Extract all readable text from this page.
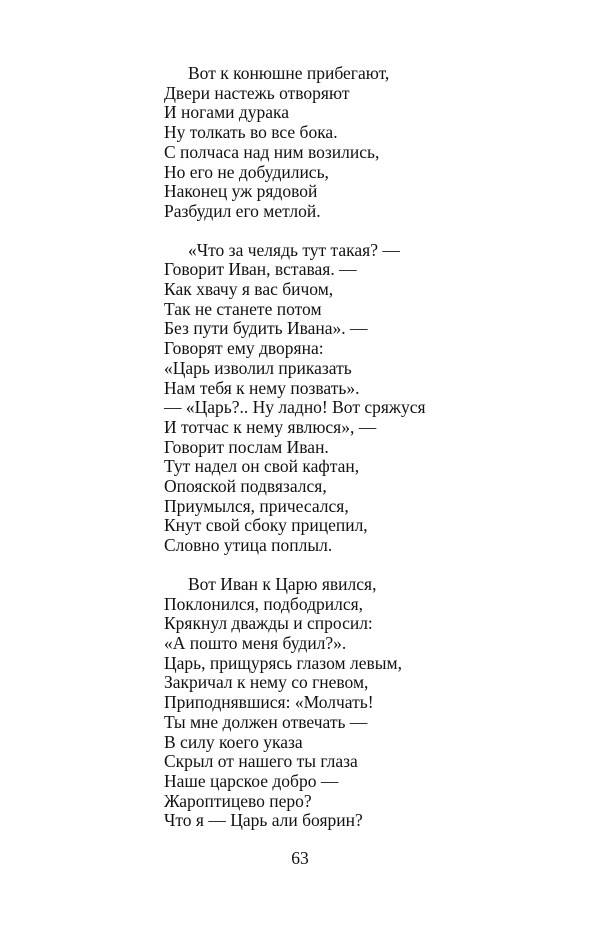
Вот к конюшне прибегают,
Двери настежь отворяют
И ногами дурака
Ну толкать во все бока.
С полчаса над ним возились,
Но его не добудились,
Наконец уж рядовой
Разбудил его метлой.
«Что за челядь тут такая? —
Говорит Иван, вставая. —
Как хвачу я вас бичом,
Так не станете потом
Без пути будить Ивана». —
Говорят ему дворяна:
«Царь изволил приказать
Нам тебя к нему позвать».
— «Царь?.. Ну ладно! Вот сряжуся
И тотчас к нему явлюся», —
Говорит послам Иван.
Тут надел он свой кафтан,
Опояской подвязался,
Приумылся, причесался,
Кнут свой сбоку прицепил,
Словно утица поплыл.
Вот Иван к Царю явился,
Поклонился, подбодрился,
Крякнул дважды и спросил:
«А пошто меня будил?».
Царь, прищурясь глазом левым,
Закричал к нему со гневом,
Приподнявшися: «Молчать!
Ты мне должен отвечать —
В силу коего указа
Скрыл от нашего ты глаза
Наше царское добро —
Жароптицево перо?
Что я — Царь али боярин?
63
